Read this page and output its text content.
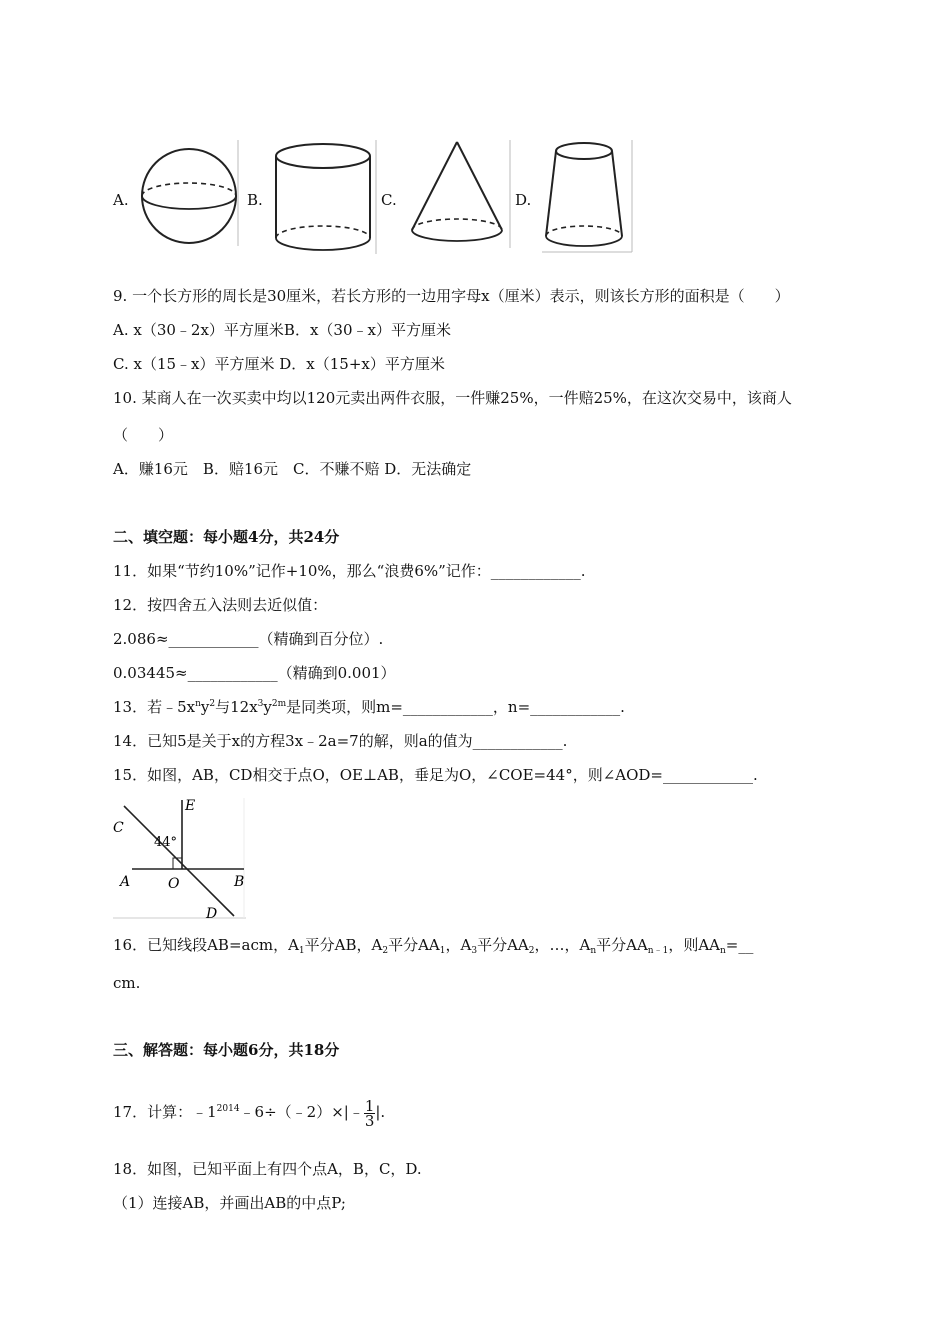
A.	B.	C.	D.
9. 一个长方形的周长是30厘米，若长方形的一边用字母x（厘米）表示，则该长方形的面积是（　　）
A. x（30﹣2x）平方厘米B．x（30﹣x）平方厘米
C. x（15﹣x）平方厘米 D．x（15+x）平方厘米
10. 某商人在一次买卖中均以120元卖出两件衣服，一件赚25%，一件赔25%，在这次交易中，该商人
（　　）
A．赚16元　B．赔16元　C．不赚不赔 D．无法确定
二、填空题：每小题4分，共24分
11．如果“节约10%”记作+10%，那么“浪费6%”记作：____________.
12．按四舍五入法则去近似值：
2.086≈____________（精确到百分位）.
0.03445≈____________（精确到0.001）
13．若$﹣5x^ny^2$与$12x^3y^{2m}$是同类项，则m=____________，n=____________.
14．已知5是关于x的方程3x﹣2a=7的解，则a的值为____________.
15．如图，AB，CD相交于点O，OE⊥AB，垂足为O，∠COE=44°，则∠AOD=____________.
E
C
44°
A	O	B
D
16．已知线段AB=acm，$A_1$平分AB，$A_2$平分$AA_1$，$A_3$平分$AA_2$，…，$A_n$平分$AA_{n﹣1}$，则$AA_n=\_\_$
cm.
三、解答题：每小题6分，共18分
17．计算：$﹣1^{2014}﹣6\div(﹣2)\times|﹣ \frac{1}{3}$ |.
18．如图，已知平面上有四个点A，B，C，D.
（1）连接AB，并画出AB的中点P;
